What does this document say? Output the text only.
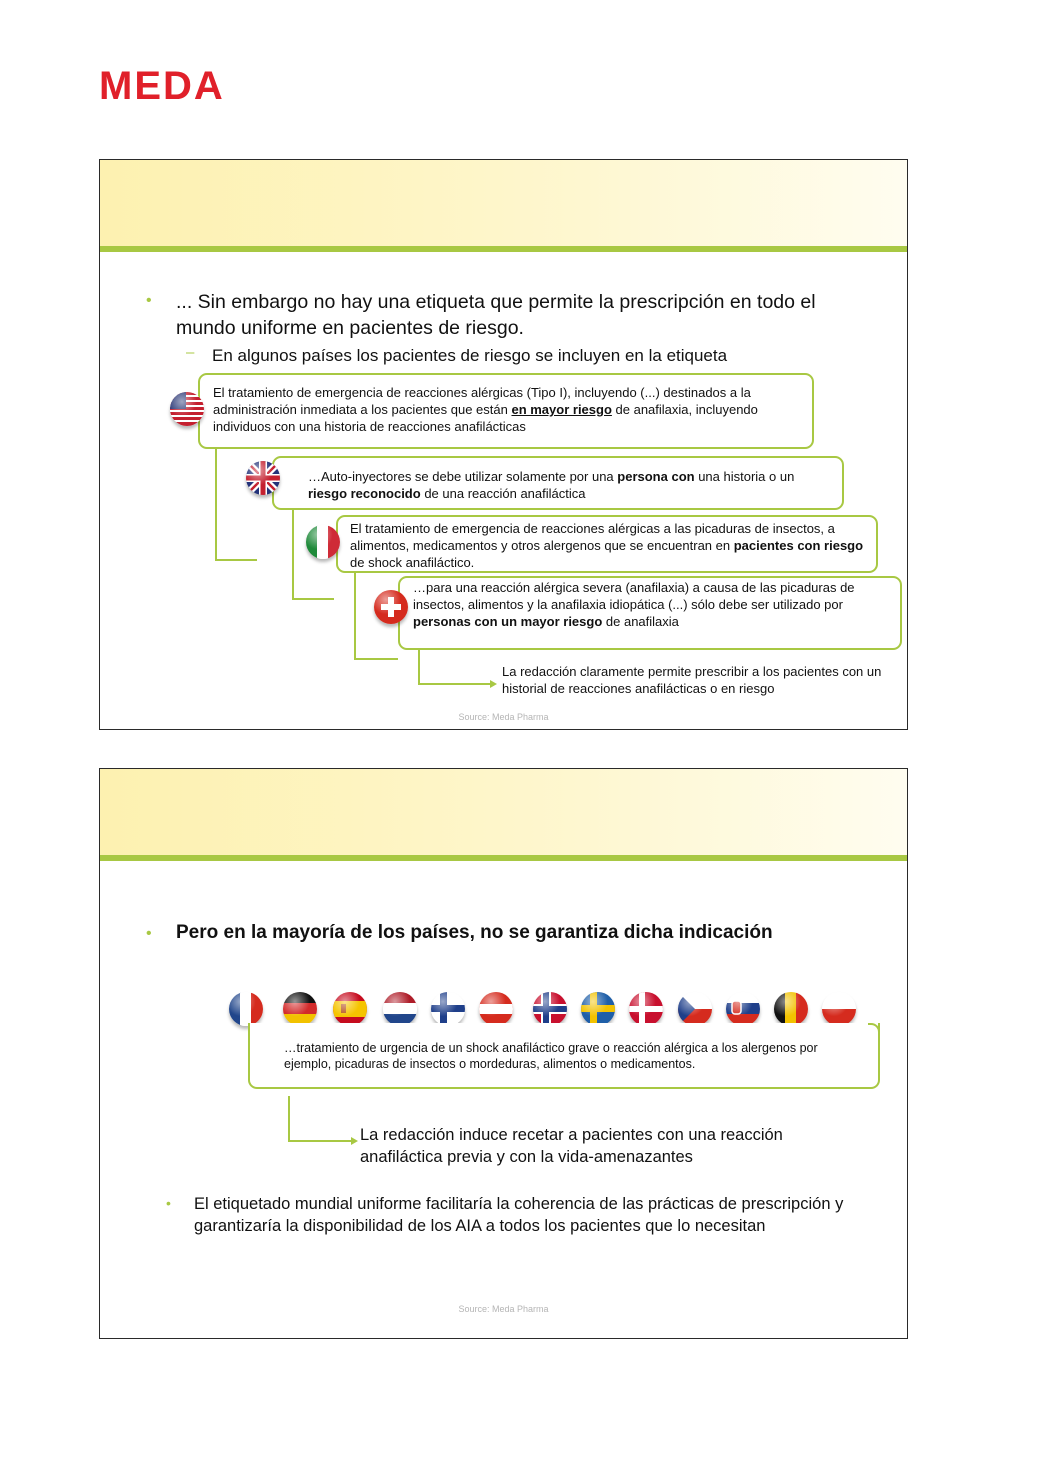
MEDA
• ... Sin embargo no hay una etiqueta que permite la prescripción en todo el mundo uniforme en pacientes de riesgo.
– En algunos países los pacientes de riesgo se incluyen en la etiqueta
El tratamiento de emergencia de reacciones alérgicas (Tipo I), incluyendo (...) destinados a la administración inmediata a los pacientes que están en mayor riesgo de anafilaxia, incluyendo individuos con una historia de reacciones anafilácticas
…Auto-inyectores se debe utilizar solamente por una persona con una historia o un riesgo reconocido de una reacción anafiláctica
El tratamiento de emergencia de reacciones alérgicas a las picaduras de insectos, a alimentos, medicamentos y otros alergenos que se encuentran en pacientes con riesgo de shock anafiláctico.
…para una reacción alérgica severa (anafilaxia) a causa de las picaduras de insectos, alimentos y la anafilaxia idiopática (...) sólo debe ser utilizado por personas con un mayor riesgo de anafilaxia
La redacción claramente permite prescribir a los pacientes con un historial de reacciones anafilácticas o en riesgo
Source: Meda Pharma
• Pero en la mayoría de los países, no se garantiza dicha indicación
…tratamiento de urgencia de un shock anafiláctico grave o reacción alérgica a los alergenos por ejemplo, picaduras de insectos o mordeduras, alimentos o medicamentos.
La redacción induce recetar a pacientes con una reacción anafiláctica previa y con la vida-amenazantes
• El etiquetado mundial uniforme facilitaría la coherencia de las prácticas de prescripción y garantizaría la disponibilidad de los AIA a todos los pacientes que lo necesitan
Source: Meda Pharma
